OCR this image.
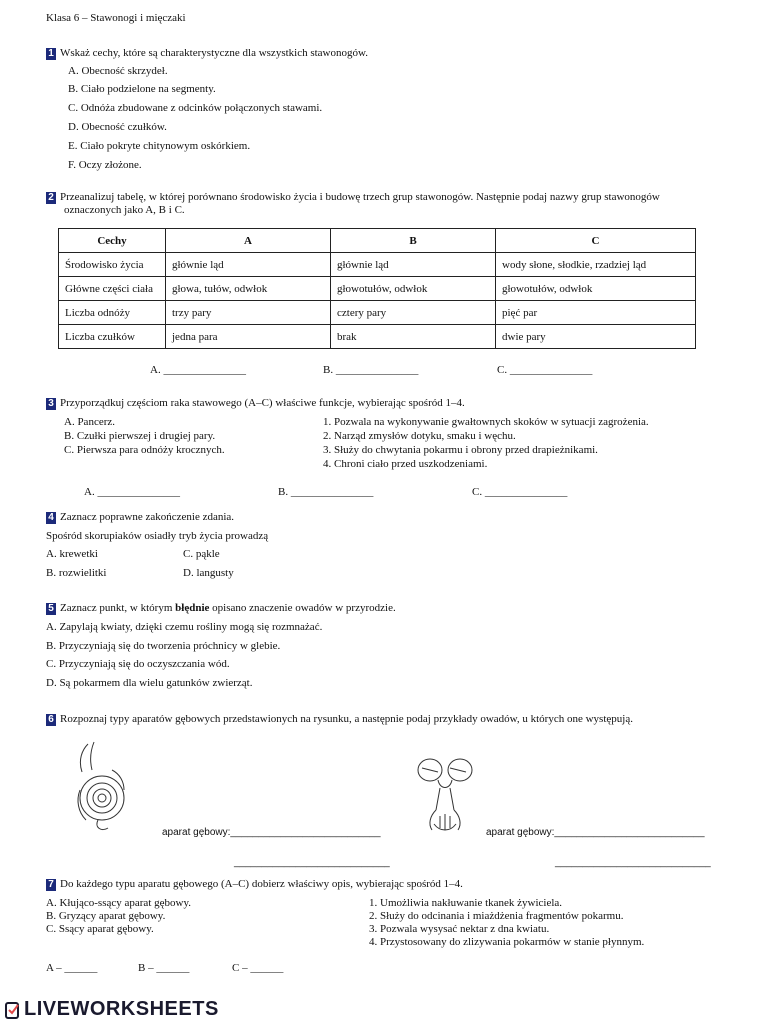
Klasa 6 – Stawonogi i mięczaki
1 Wskaż cechy, które są charakterystyczne dla wszystkich stawonogów.
A. Obecność skrzydeł.
B. Ciało podzielone na segmenty.
C. Odnóża zbudowane z odcinków połączonych stawami.
D. Obecność czułków.
E. Ciało pokryte chitynowym oskórkiem.
F. Oczy złożone.
2 Przeanalizuj tabelę, w której porównano środowisko życia i budowę trzech grup stawonogów. Następnie podaj nazwy grup stawonogów
oznaczonych jako A, B i C.
Cechy	A	B	C
Środowisko życia	głównie ląd	głównie ląd	wody słone, słodkie, rzadziej ląd
Główne części ciała	głowa, tułów, odwłok	głowotułów, odwłok	głowotułów, odwłok
Liczba odnóży	trzy pary	cztery pary	pięć par
Liczba czułków	jedna para	brak	dwie pary
A. _______________	B. _______________	C. _______________
3 Przyporządkuj częściom raka stawowego (A–C) właściwe funkcje, wybierając spośród 1–4.
A. Pancerz.
B. Czułki pierwszej i drugiej pary.
C. Pierwsza para odnóży krocznych.
1. Pozwala na wykonywanie gwałtownych skoków w sytuacji zagrożenia.
2. Narząd zmysłów dotyku, smaku i węchu.
3. Służy do chwytania pokarmu i obrony przed drapieżnikami.
4. Chroni ciało przed uszkodzeniami.
A. _______________	B. _______________	C. _______________
4 Zaznacz poprawne zakończenie zdania.
Spośród skorupiaków osiadły tryb życia prowadzą
A. krewetki	C. pąkle
B. rozwielitki	D. langusty
5 Zaznacz punkt, w którym błędnie opisano znaczenie owadów w przyrodzie.
A. Zapylają kwiaty, dzięki czemu rośliny mogą się rozmnażać.
B. Przyczyniają się do tworzenia próchnicy w glebie.
C. Przyczyniają się do oczyszczania wód.
D. Są pokarmem dla wielu gatunków zwierząt.
6 Rozpoznaj typy aparatów gębowych przedstawionych na rysunku, a następnie podaj przykłady owadów, u których one występują.
aparat gębowy:___________________________	aparat gębowy:___________________________
____________________________	____________________________
7 Do każdego typu aparatu gębowego (A–C) dobierz właściwy opis, wybierając spośród 1–4.
A. Kłująco-ssący aparat gębowy.
B. Gryzący aparat gębowy.
C. Ssący aparat gębowy.
1. Umożliwia nakłuwanie tkanek żywiciela.
2. Służy do odcinania i miażdżenia fragmentów pokarmu.
3. Pozwala wysysać nektar z dna kwiatu.
4. Przystosowany do zlizywania pokarmów w stanie płynnym.
A – ______	B – ______	C – ______
LIVEWORKSHEETS
